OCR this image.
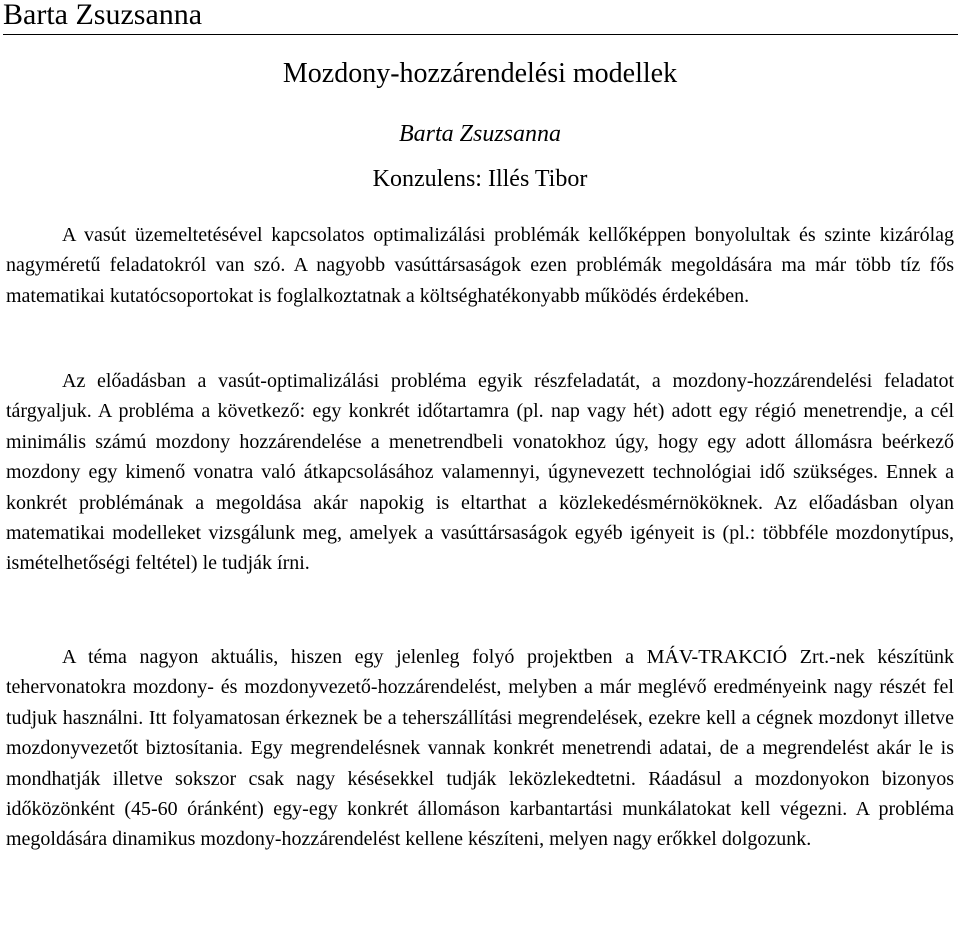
Barta Zsuzsanna
Mozdony-hozzárendelési modellek
Barta Zsuzsanna
Konzulens: Illés Tibor

A vasút üzemeltetésével kapcsolatos optimalizálási problémák kellőképpen bonyolultak és szinte kizárólag nagyméretű feladatokról van szó. A nagyobb vasúttársaságok ezen problémák megoldására ma már több tíz fős matematikai kutatócsoportokat is foglalkoztatnak a költséghatékonyabb működés érdekében.

Az előadásban a vasút-optimalizálási probléma egyik részfeladatát, a mozdony-hozzárendelési feladatot tárgyaljuk. A probléma a következő: egy konkrét időtartamra (pl. nap vagy hét) adott egy régió menetrendje, a cél minimális számú mozdony hozzárendelése a menetrendbeli vonatokhoz úgy, hogy egy adott állomásra beérkező mozdony egy kimenő vonatra való átkapcsolásához valamennyi, úgynevezett technológiai idő szükséges. Ennek a konkrét problémának a megoldása akár napokig is eltarthat a közlekedésmérnököknek. Az előadásban olyan matematikai modelleket vizsgálunk meg, amelyek a vasúttársaságok egyéb igényeit is (pl.: többféle mozdonytípus, ismételhetőségi feltétel) le tudják írni.

A téma nagyon aktuális, hiszen egy jelenleg folyó projektben a MÁV-TRAKCIÓ Zrt.-nek készítünk tehervonatokra mozdony- és mozdonyvezető-hozzárendelést, melyben a már meglévő eredményeink nagy részét fel tudjuk használni. Itt folyamatosan érkeznek be a teherszállítási megrendelések, ezekre kell a cégnek mozdonyt illetve mozdonyvezetőt biztosítania. Egy megrendelésnek vannak konkrét menetrendi adatai, de a megrendelést akár le is mondhatják illetve sokszor csak nagy késésekkel tudják leközlekedtetni. Ráadásul a mozdonyokon bizonyos időközönként (45-60 óránként) egy-egy konkrét állomáson karbantartási munkálatokat kell végezni. A probléma megoldására dinamikus mozdony-hozzárendelést kellene készíteni, melyen nagy erőkkel dolgozunk.
